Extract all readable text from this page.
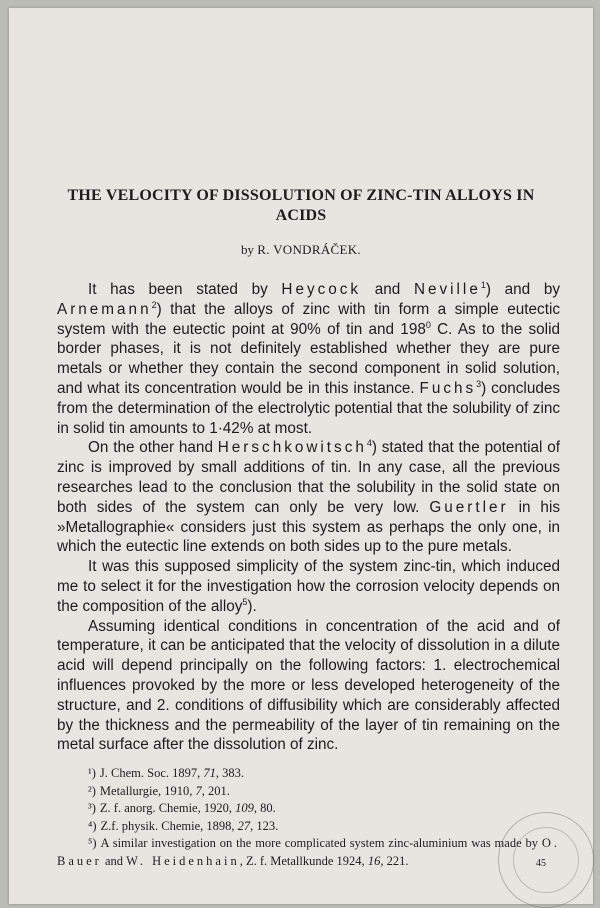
THE VELOCITY OF DISSOLUTION OF ZINC-TIN ALLOYS IN ACIDS

by R. VONDRÁČEK.

It has been stated by Heycock and Neville$^1$) and by Arnemann$^2$) that the alloys of zinc with tin form a simple eutectic system with the eutectic point at 90% of tin and $198^0$ C. As to the solid border phases, it is not definitely established whether they are pure metals or whether they contain the second component in solid solution, and what its concentration would be in this instance. Fuchs$^3$) concludes from the determination of the electrolytic potential that the solubility of zinc in solid tin amounts to 1·42% at most.

On the other hand Herschkowitsch$^4$) stated that the potential of zinc is improved by small additions of tin. In any case, all the previous researches lead to the conclusion that the solubility in the solid state on both sides of the system can only be very low. Guertler in his »Metallographie« considers just this system as perhaps the only one, in which the eutectic line extends on both sides up to the pure metals.

It was this supposed simplicity of the system zinc-tin, which induced me to select it for the investigation how the corrosion velocity depends on the composition of the alloy$^5$).

Assuming identical conditions in concentration of the acid and of temperature, it can be anticipated that the velocity of dissolution in a dilute acid will depend principally on the following factors: 1. electrochemical influences provoked by the more or less developed heterogeneity of the structure, and 2. conditions of diffusibility which are considerably affected by the thickness and the permeability of the layer of tin remaining on the metal surface after the dissolution of zinc.

¹) J. Chem. Soc. 1897, 71, 383.

²) Metallurgie, 1910, 7, 201.

³) Z. f. anorg. Chemie, 1920, 109, 80.

⁴) Z.f. physik. Chemie, 1898, 27, 123.

⁵) A similar investigation on the more complicated system zinc-aluminium was made by O. Bauer and W. Heidenhain, Z. f. Metallkunde 1924, 16, 221.	45
